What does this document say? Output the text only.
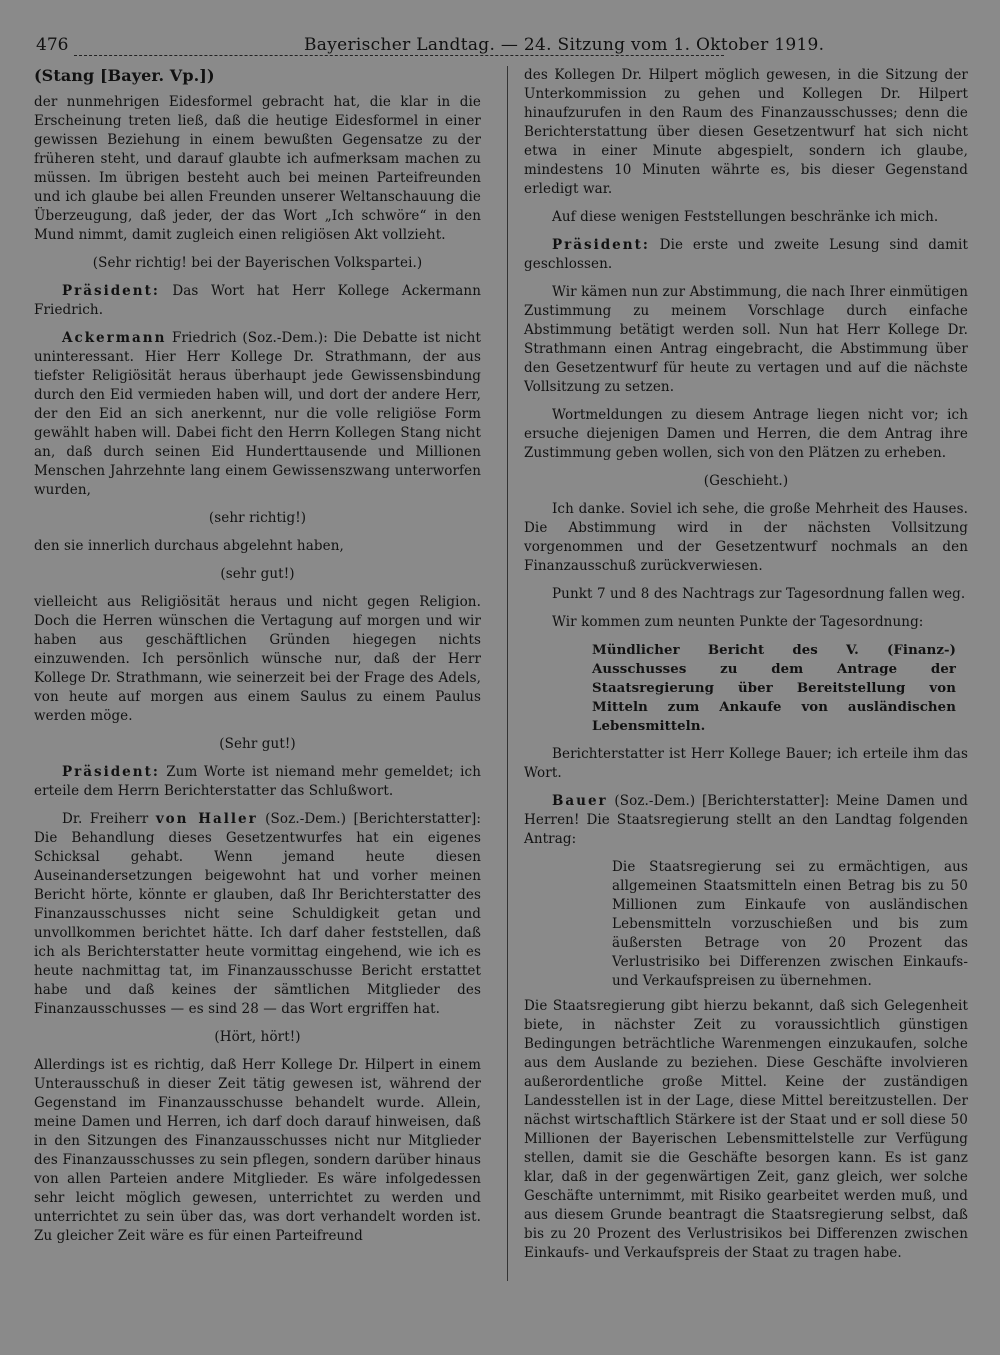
476	Bayerischer Landtag. — 24. Sitzung vom 1. Oktober 1919.
(Stang [Bayer. Vp.])

der nunmehrigen Eidesformel gebracht hat, die klar in die Erscheinung treten ließ, daß die heutige Eidesformel in einer gewissen Beziehung in einem bewußten Gegensatze zu der früheren steht, und darauf glaubte ich aufmerksam machen zu müssen. Im übrigen besteht auch bei meinen Parteifreunden und ich glaube bei allen Freunden unserer Weltanschauung die Überzeugung, daß jeder, der das Wort „Ich schwöre“ in den Mund nimmt, damit zugleich einen religiösen Akt vollzieht.

(Sehr richtig! bei der Bayerischen Volkspartei.)

Präsident: Das Wort hat Herr Kollege Ackermann Friedrich.

Ackermann Friedrich (Soz.-Dem.): Die Debatte ist nicht uninteressant. Hier Herr Kollege Dr. Strathmann, der aus tiefster Religiösität heraus überhaupt jede Gewissensbindung durch den Eid vermieden haben will, und dort der andere Herr, der den Eid an sich anerkennt, nur die volle religiöse Form gewählt haben will. Dabei ficht den Herrn Kollegen Stang nicht an, daß durch seinen Eid Hunderttausende und Millionen Menschen Jahrzehnte lang einem Gewissenszwang unterworfen wurden,

(sehr richtig!)

den sie innerlich durchaus abgelehnt haben,

(sehr gut!)

vielleicht aus Religiösität heraus und nicht gegen Religion. Doch die Herren wünschen die Vertagung auf morgen und wir haben aus geschäftlichen Gründen hiegegen nichts einzuwenden. Ich persönlich wünsche nur, daß der Herr Kollege Dr. Strathmann, wie seinerzeit bei der Frage des Adels, von heute auf morgen aus einem Saulus zu einem Paulus werden möge.

(Sehr gut!)

Präsident: Zum Worte ist niemand mehr gemeldet; ich erteile dem Herrn Berichterstatter das Schlußwort.

Dr. Freiherr von Haller (Soz.-Dem.) [Berichterstatter]: Die Behandlung dieses Gesetzentwurfes hat ein eigenes Schicksal gehabt. Wenn jemand heute diesen Auseinandersetzungen beigewohnt hat und vorher meinen Bericht hörte, könnte er glauben, daß Ihr Berichterstatter des Finanzausschusses nicht seine Schuldigkeit getan und unvollkommen berichtet hätte. Ich darf daher feststellen, daß ich als Berichterstatter heute vormittag eingehend, wie ich es heute nachmittag tat, im Finanzausschusse Bericht erstattet habe und daß keines der sämtlichen Mitglieder des Finanzausschusses — es sind 28 — das Wort ergriffen hat.

(Hört, hört!)

Allerdings ist es richtig, daß Herr Kollege Dr. Hilpert in einem Unterausschuß in dieser Zeit tätig gewesen ist, während der Gegenstand im Finanzausschusse behandelt wurde. Allein, meine Damen und Herren, ich darf doch darauf hinweisen, daß in den Sitzungen des Finanzausschusses nicht nur Mitglieder des Finanzausschusses zu sein pflegen, sondern darüber hinaus von allen Parteien andere Mitglieder. Es wäre infolgedessen sehr leicht möglich gewesen, unterrichtet zu werden und unterrichtet zu sein über das, was dort verhandelt worden ist. Zu gleicher Zeit wäre es für einen Parteifreund

des Kollegen Dr. Hilpert möglich gewesen, in die Sitzung der Unterkommission zu gehen und Kollegen Dr. Hilpert hinaufzurufen in den Raum des Finanzausschusses; denn die Berichterstattung über diesen Gesetzentwurf hat sich nicht etwa in einer Minute abgespielt, sondern ich glaube, mindestens 10 Minuten währte es, bis dieser Gegenstand erledigt war.

Auf diese wenigen Feststellungen beschränke ich mich.

Präsident: Die erste und zweite Lesung sind damit geschlossen.

Wir kämen nun zur Abstimmung, die nach Ihrer einmütigen Zustimmung zu meinem Vorschlage durch einfache Abstimmung betätigt werden soll. Nun hat Herr Kollege Dr. Strathmann einen Antrag eingebracht, die Abstimmung über den Gesetzentwurf für heute zu vertagen und auf die nächste Vollsitzung zu setzen.

Wortmeldungen zu diesem Antrage liegen nicht vor; ich ersuche diejenigen Damen und Herren, die dem Antrag ihre Zustimmung geben wollen, sich von den Plätzen zu erheben.

(Geschieht.)

Ich danke. Soviel ich sehe, die große Mehrheit des Hauses. Die Abstimmung wird in der nächsten Vollsitzung vorgenommen und der Gesetzentwurf nochmals an den Finanzausschuß zurückverwiesen.

Punkt 7 und 8 des Nachtrags zur Tagesordnung fallen weg.

Wir kommen zum neunten Punkte der Tagesordnung:

Mündlicher Bericht des V. (Finanz-) Ausschusses zu dem Antrage der Staatsregierung über Bereitstellung von Mitteln zum Ankaufe von ausländischen Lebensmitteln.

Berichterstatter ist Herr Kollege Bauer; ich erteile ihm das Wort.

Bauer (Soz.-Dem.) [Berichterstatter]: Meine Damen und Herren! Die Staatsregierung stellt an den Landtag folgenden Antrag:

Die Staatsregierung sei zu ermächtigen, aus allgemeinen Staatsmitteln einen Betrag bis zu 50 Millionen zum Einkaufe von ausländischen Lebensmitteln vorzuschießen und bis zum äußersten Betrage von 20 Prozent das Verlustrisiko bei Differenzen zwischen Einkaufs- und Verkaufspreisen zu übernehmen.

Die Staatsregierung gibt hierzu bekannt, daß sich Gelegenheit biete, in nächster Zeit zu voraussichtlich günstigen Bedingungen beträchtliche Warenmengen einzukaufen, solche aus dem Auslande zu beziehen. Diese Geschäfte involvieren außerordentliche große Mittel. Keine der zuständigen Landesstellen ist in der Lage, diese Mittel bereitzustellen. Der nächst wirtschaftlich Stärkere ist der Staat und er soll diese 50 Millionen der Bayerischen Lebensmittelstelle zur Verfügung stellen, damit sie die Geschäfte besorgen kann. Es ist ganz klar, daß in der gegenwärtigen Zeit, ganz gleich, wer solche Geschäfte unternimmt, mit Risiko gearbeitet werden muß, und aus diesem Grunde beantragt die Staatsregierung selbst, daß bis zu 20 Prozent des Verlustrisikos bei Differenzen zwischen Einkaufs- und Verkaufspreis der Staat zu tragen habe.
